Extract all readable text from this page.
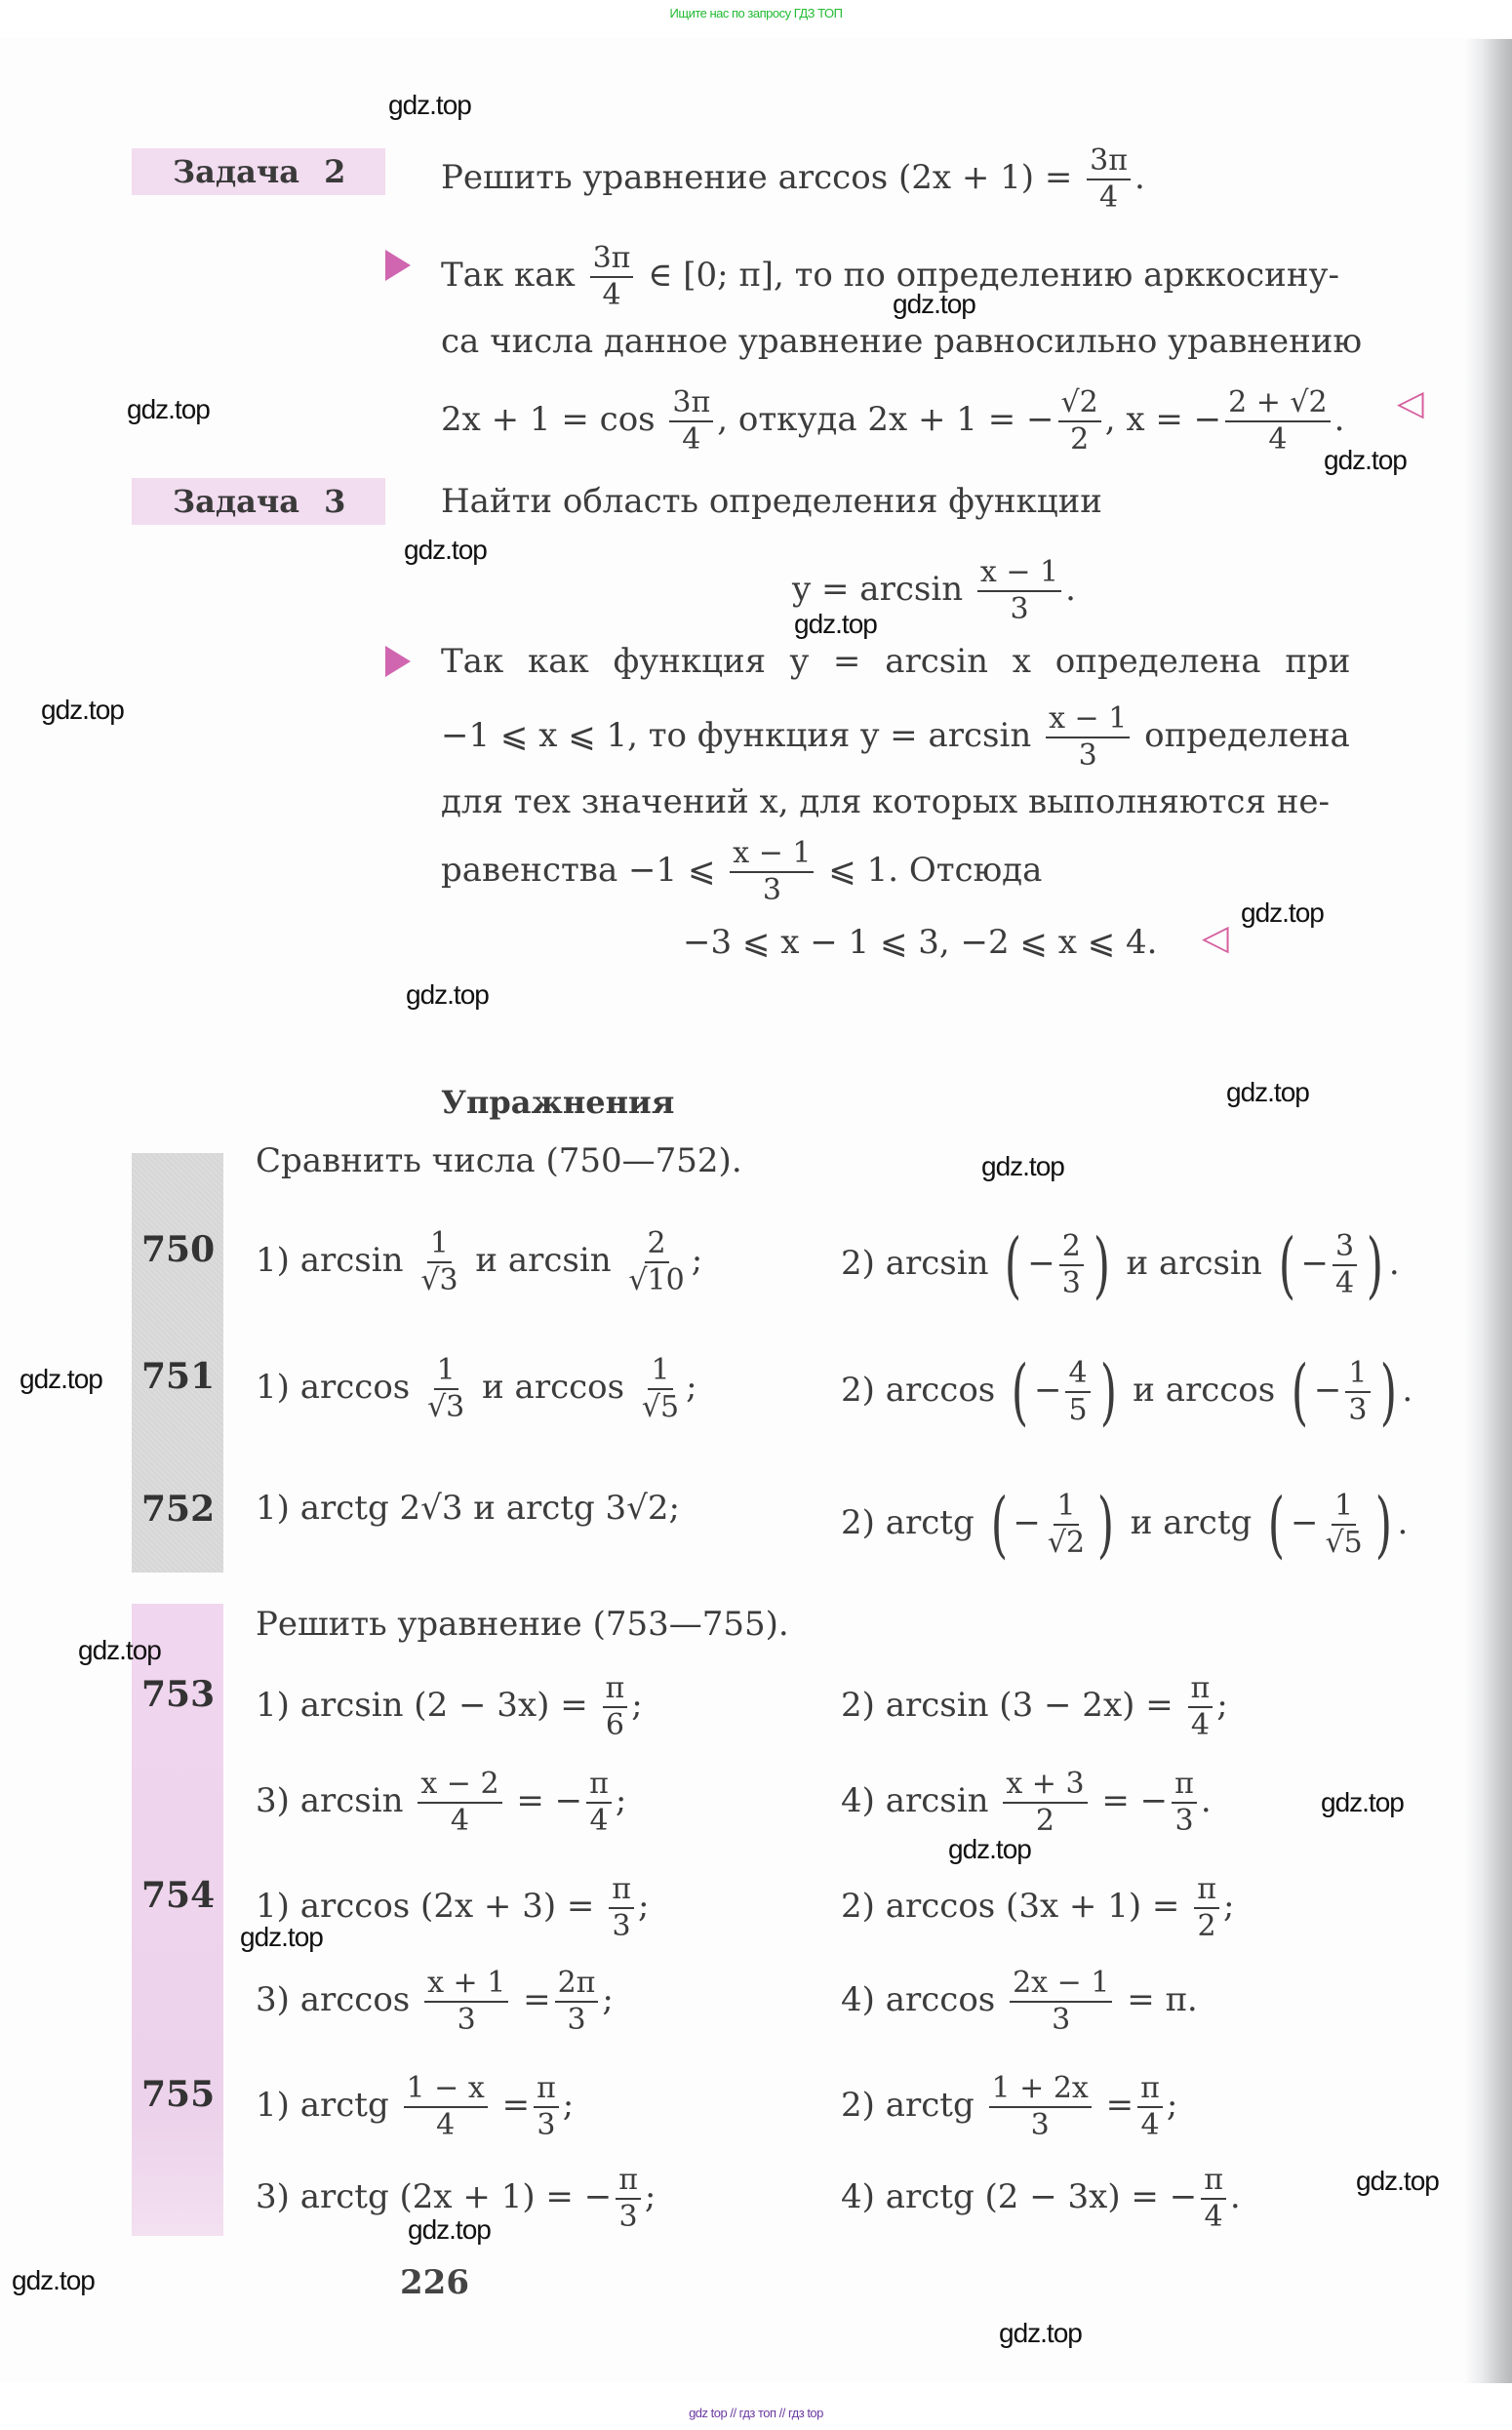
Ищите нас по запросу ГДЗ ТОП
Задача 2	Решить уравнение $\arccos (2x + 1) = \frac{3\pi}{4}$ .
Так как $\frac{3\pi}{4}$ ∈ [0; π], то по определению арккосину-
са числа данное уравнение равносильно уравнению
$2x + 1 = \cos \frac{3\pi}{4}$ , откуда 2x + 1 = − $\frac{√2}{2}$ , x = − $\frac{2 + √2}{4}$ . ◁
Задача 3	Найти область определения функции
$y = \arcsin \frac{x - 1}{3}$ .
Так как функция y = arcsin x определена при
−1 ⩽ x ⩽ 1, то функция $y = \arcsin \frac{x - 1}{3}$ определена
для тех значений x, для которых выполняются не-
равенства −1 ⩽ $\frac{x - 1}{3}$ ⩽ 1. Отсюда
−3 ⩽ x − 1 ⩽ 3, −2 ⩽ x ⩽ 4. ◁
Упражнения
Сравнить числа (750—752).
750 1) $\arcsin \frac{1}{√3}$ и $\arcsin \frac{2}{√10}$ ;	2) arcsin ( − $\frac{2}{3}$ ) и arcsin ( − $\frac{3}{4}$ ) .
751 1) $\arccos \frac{1}{√3}$ и $\arccos \frac{1}{√5}$ ;	2) arccos ( − $\frac{4}{5}$ ) и arccos ( − $\frac{1}{3}$ ) .
752 1) arctg 2√3 и arctg 3√2;	2) arctg ( − $\frac{1}{√2}$ ) и arctg ( − $\frac{1}{√5}$ ) .
Решить уравнение (753—755).
753 1) $\arcsin (2 - 3x) = \frac{\pi}{6}$ ;	2) $\arcsin (3 - 2x) = \frac{\pi}{4}$ ;
3) $\arcsin \frac{x - 2}{4}$ = − $\frac{\pi}{4}$ ;	4) $\arcsin \frac{x + 3}{2}$ = − $\frac{\pi}{3}$ .
754 1) $\arccos (2x + 3) = \frac{\pi}{3}$ ;	2) $\arccos (3x + 1) = \frac{\pi}{2}$ ;
3) $\arccos \frac{x + 1}{3} = \frac{2\pi}{3}$ ;	4) $\arccos \frac{2x - 1}{3} = \pi$.
755 1) arctg $\frac{1 - x}{4} = \frac{\pi}{3}$ ;	2) arctg $\frac{1 + 2x}{3} = \frac{\pi}{4}$ ;
3) arctg (2x + 1) = − $\frac{\pi}{3}$ ;	4) arctg (2 − 3x) = − $\frac{\pi}{4}$ .
226
gdz.top
gdz.top
gdz.top
gdz.top
gdz.top
gdz.top
gdz.top
gdz.top
gdz.top
gdz.top
gdz.top
gdz.top
gdz.top
gdz.top
gdz.top
gdz.top
gdz.top
gdz.top
gdz.top
gdz.top
gdz top // гдз топ // гдз top
